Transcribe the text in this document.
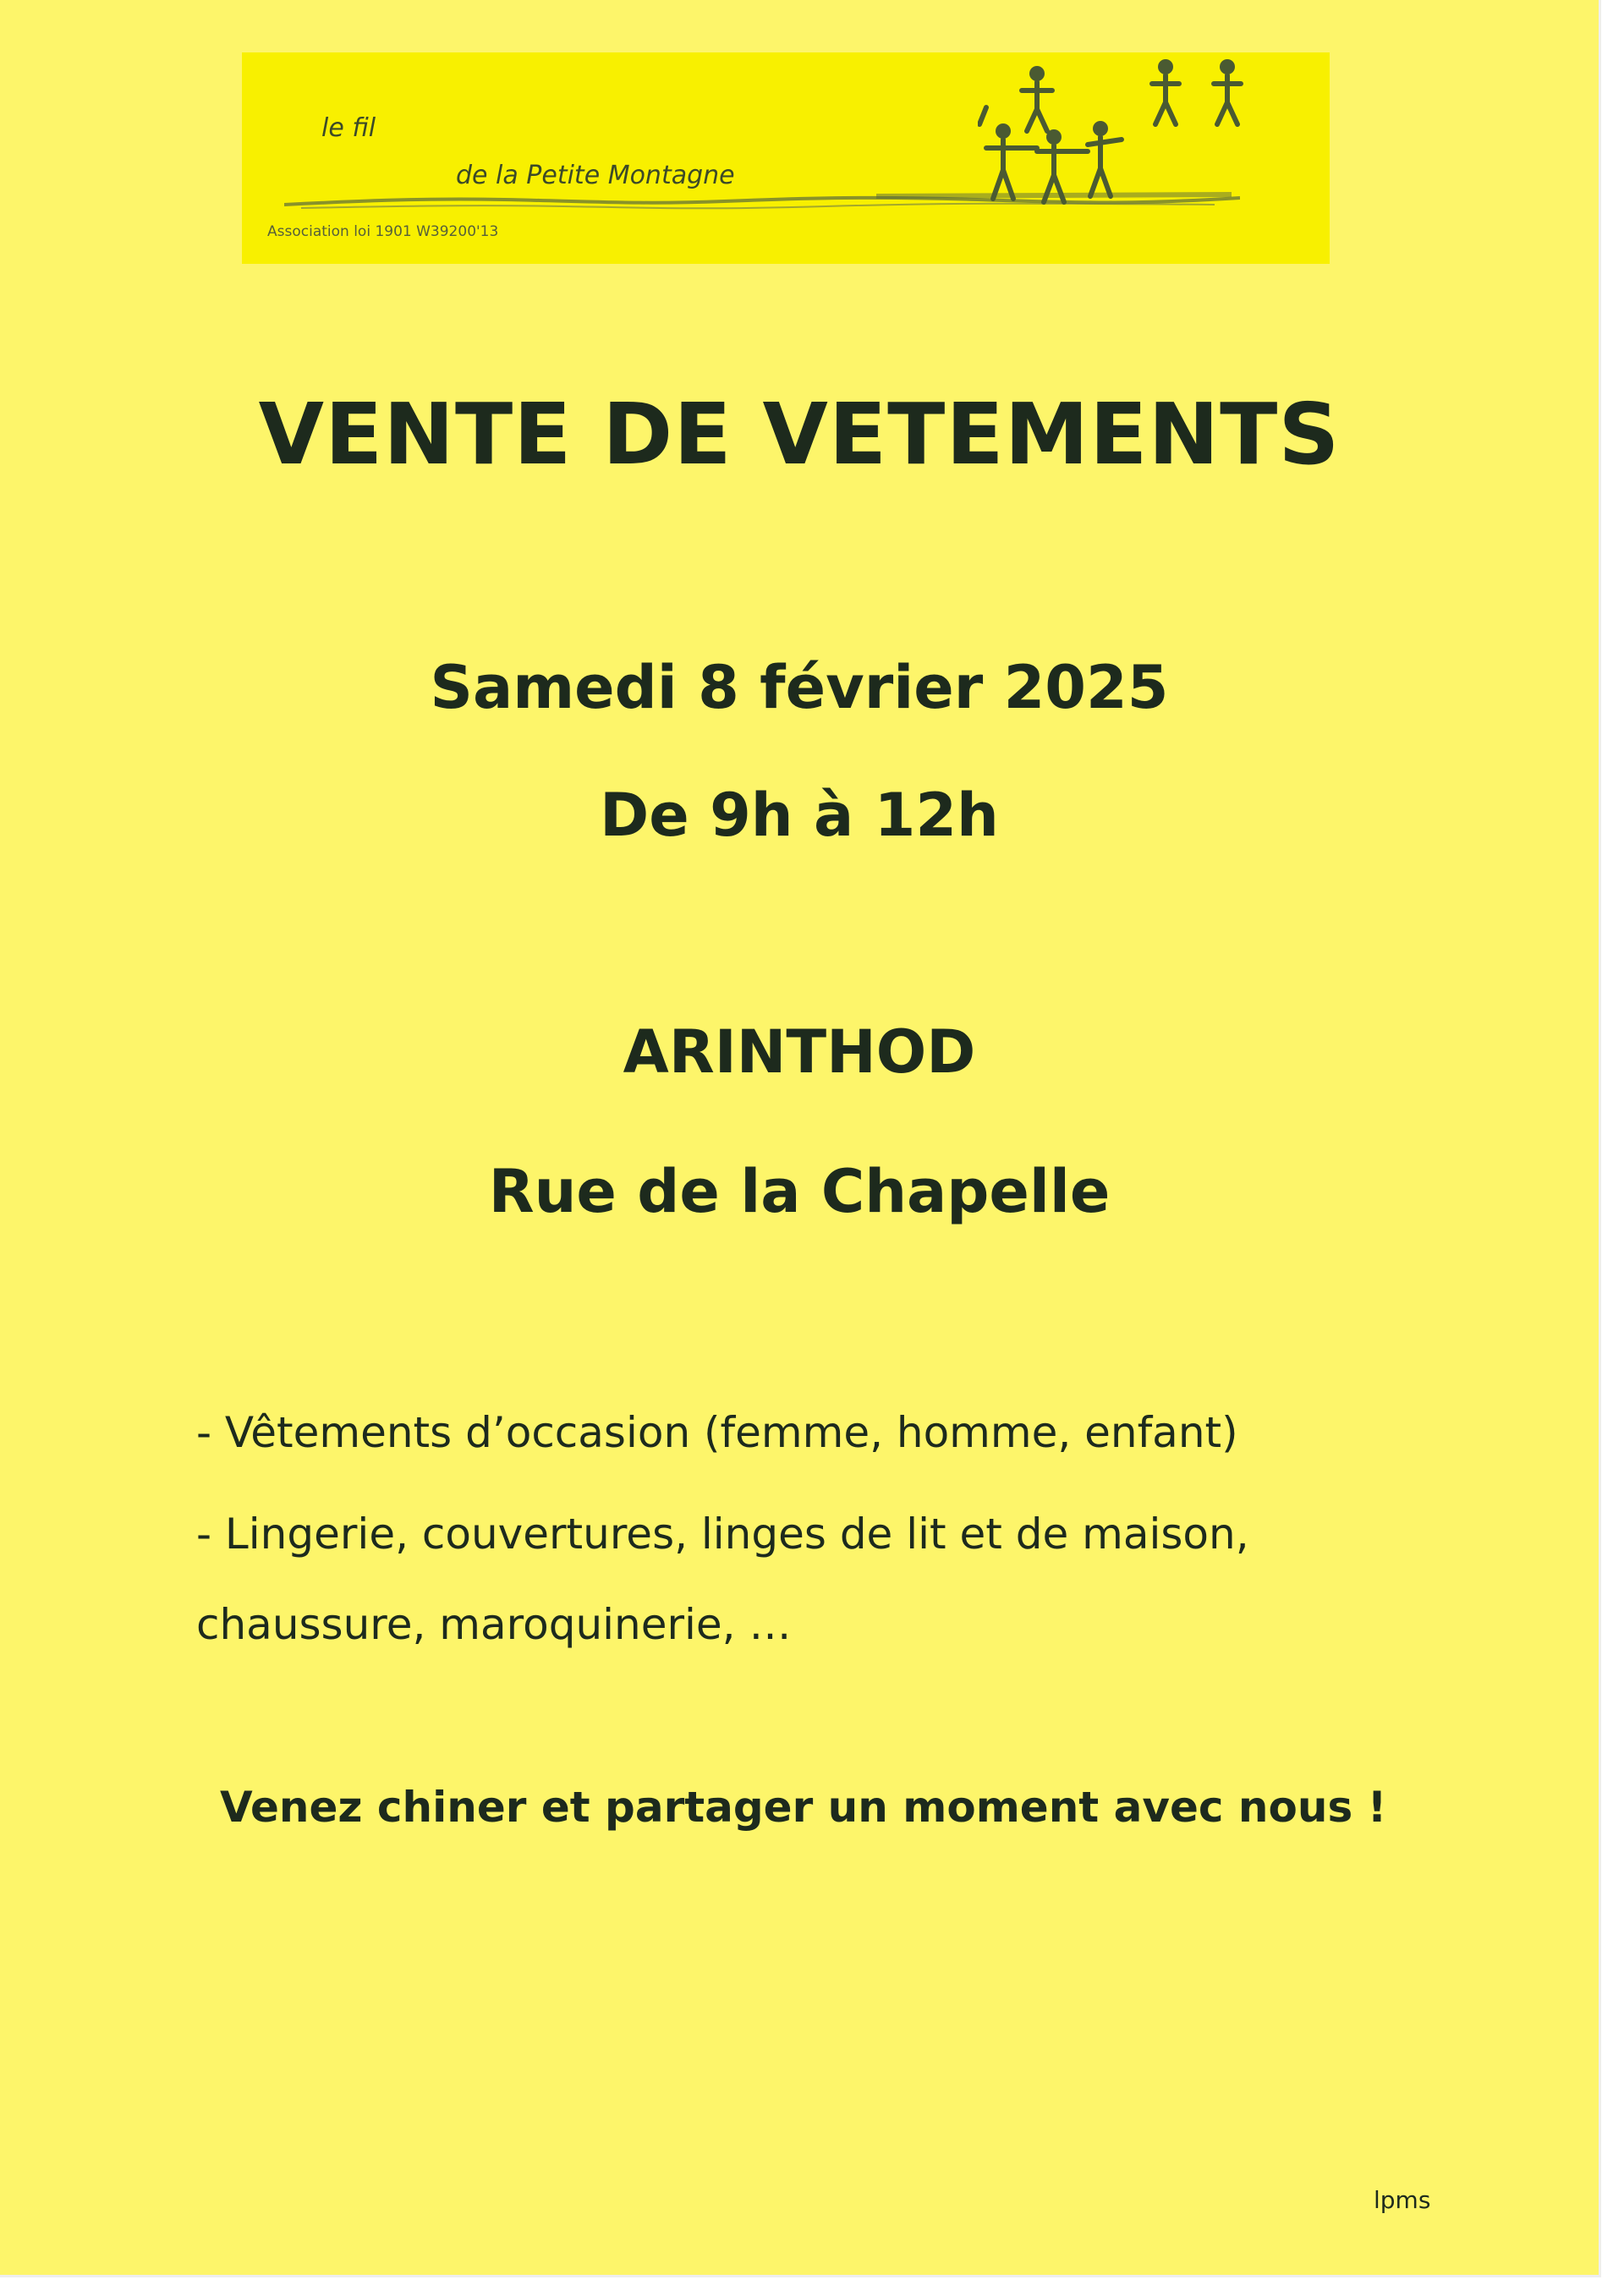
le fil
de la Petite Montagne
Association loi 1901 W39200'13
VENTE DE VETEMENTS
Samedi 8 février 2025
De 9h à 12h
ARINTHOD
Rue de la Chapelle
- Vêtements d’occasion (femme, homme, enfant)
- Lingerie, couvertures, linges de lit et de maison,
chaussure, maroquinerie, …
Venez chiner et partager un moment avec nous !
lpms
